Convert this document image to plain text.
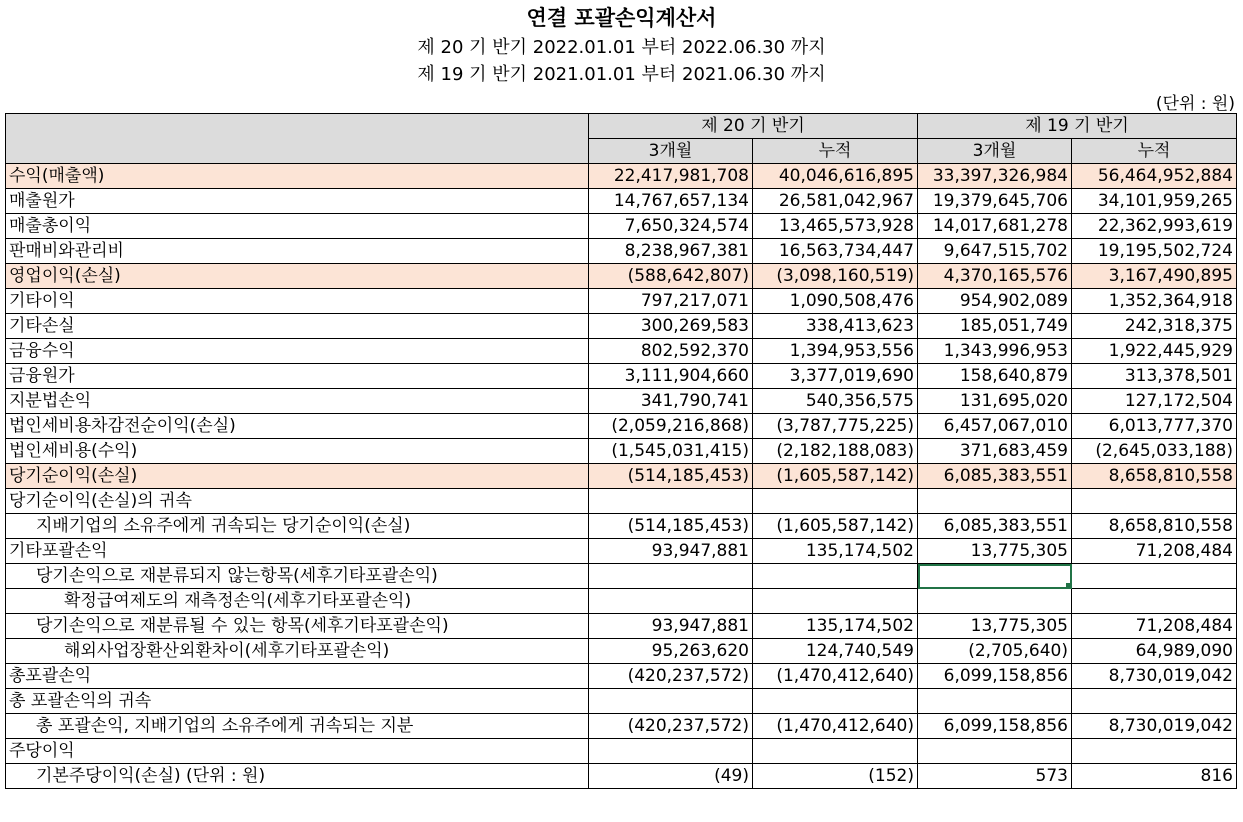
연결 포괄손익계산서
제 20 기 반기 2022.01.01 부터 2022.06.30 까지
제 19 기 반기 2021.01.01 부터 2021.06.30 까지
(단위 : 원)
	제 20 기 반기		제 19 기 반기	
	3개월	누적	3개월	누적
수익(매출액)	22,417,981,708	40,046,616,895	33,397,326,984	56,464,952,884
매출원가	14,767,657,134	26,581,042,967	19,379,645,706	34,101,959,265
매출총이익	7,650,324,574	13,465,573,928	14,017,681,278	22,362,993,619
판매비와관리비	8,238,967,381	16,563,734,447	9,647,515,702	19,195,502,724
영업이익(손실)	(588,642,807)	(3,098,160,519)	4,370,165,576	3,167,490,895
기타이익	797,217,071	1,090,508,476	954,902,089	1,352,364,918
기타손실	300,269,583	338,413,623	185,051,749	242,318,375
금융수익	802,592,370	1,394,953,556	1,343,996,953	1,922,445,929
금융원가	3,111,904,660	3,377,019,690	158,640,879	313,378,501
지분법손익	341,790,741	540,356,575	131,695,020	127,172,504
법인세비용차감전순이익(손실)	(2,059,216,868)	(3,787,775,225)	6,457,067,010	6,013,777,370
법인세비용(수익)	(1,545,031,415)	(2,182,188,083)	371,683,459	(2,645,033,188)
당기순이익(손실)	(514,185,453)	(1,605,587,142)	6,085,383,551	8,658,810,558
당기순이익(손실)의 귀속				
지배기업의 소유주에게 귀속되는 당기순이익(손실)	(514,185,453)	(1,605,587,142)	6,085,383,551	8,658,810,558
기타포괄손익	93,947,881	135,174,502	13,775,305	71,208,484
당기손익으로 재분류되지 않는항목(세후기타포괄손익)				
확정급여제도의 재측정손익(세후기타포괄손익)				
당기손익으로 재분류될 수 있는 항목(세후기타포괄손익)	93,947,881	135,174,502	13,775,305	71,208,484
해외사업장환산외환차이(세후기타포괄손익)	95,263,620	124,740,549	(2,705,640)	64,989,090
총포괄손익	(420,237,572)	(1,470,412,640)	6,099,158,856	8,730,019,042
총 포괄손익의 귀속				
총 포괄손익, 지배기업의 소유주에게 귀속되는 지분	(420,237,572)	(1,470,412,640)	6,099,158,856	8,730,019,042
주당이익				
기본주당이익(손실) (단위 : 원)	(49)	(152)	573	816
